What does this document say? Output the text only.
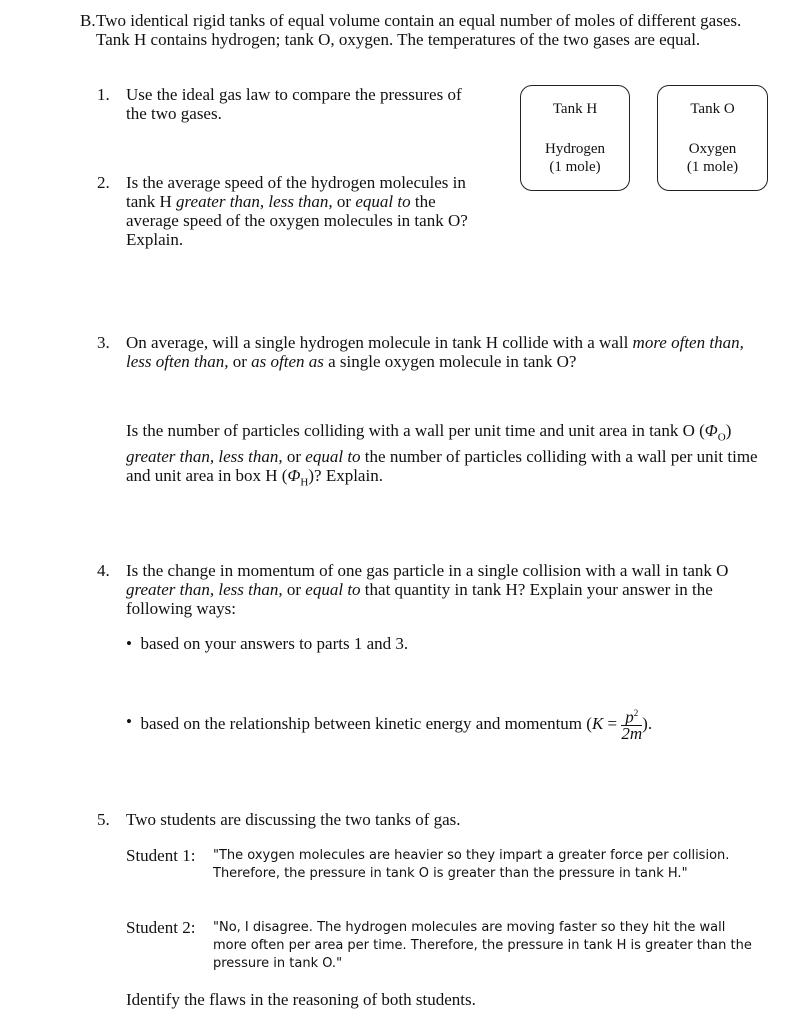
B. Two identical rigid tanks of equal volume contain an equal number of moles of different gases. Tank H contains hydrogen; tank O, oxygen. The temperatures of the two gases are equal.
1. Use the ideal gas law to compare the pressures of the two gases.	Tank H
Hydrogen
(1 mole)
Tank O
Oxygen
(1 mole)
2. Is the average speed of the hydrogen molecules in tank H greater than, less than, or equal to the average speed of the oxygen molecules in tank O? Explain.
3. On average, will a single hydrogen molecule in tank H collide with a wall more often than, less often than, or as often as a single oxygen molecule in tank O?
Is the number of particles colliding with a wall per unit time and unit area in tank O $(\Phi_O)$ greater than, less than, or equal to the number of particles colliding with a wall per unit time and unit area in box H $(\Phi_H)$? Explain.
4. Is the change in momentum of one gas particle in a single collision with a wall in tank O greater than, less than, or equal to that quantity in tank H? Explain your answer in the following ways:
•  based on your answers to parts 1 and 3.
•  based on the relationship between kinetic energy and momentum ($K = \frac{p^2}{2m}$ ).
5. Two students are discussing the two tanks of gas.
Student 1: "The oxygen molecules are heavier so they impart a greater force per collision. Therefore, the pressure in tank O is greater than the pressure in tank H."
Student 2: "No, I disagree. The hydrogen molecules are moving faster so they hit the wall more often per area per time. Therefore, the pressure in tank H is greater than the pressure in tank O."
Identify the flaws in the reasoning of both students.
